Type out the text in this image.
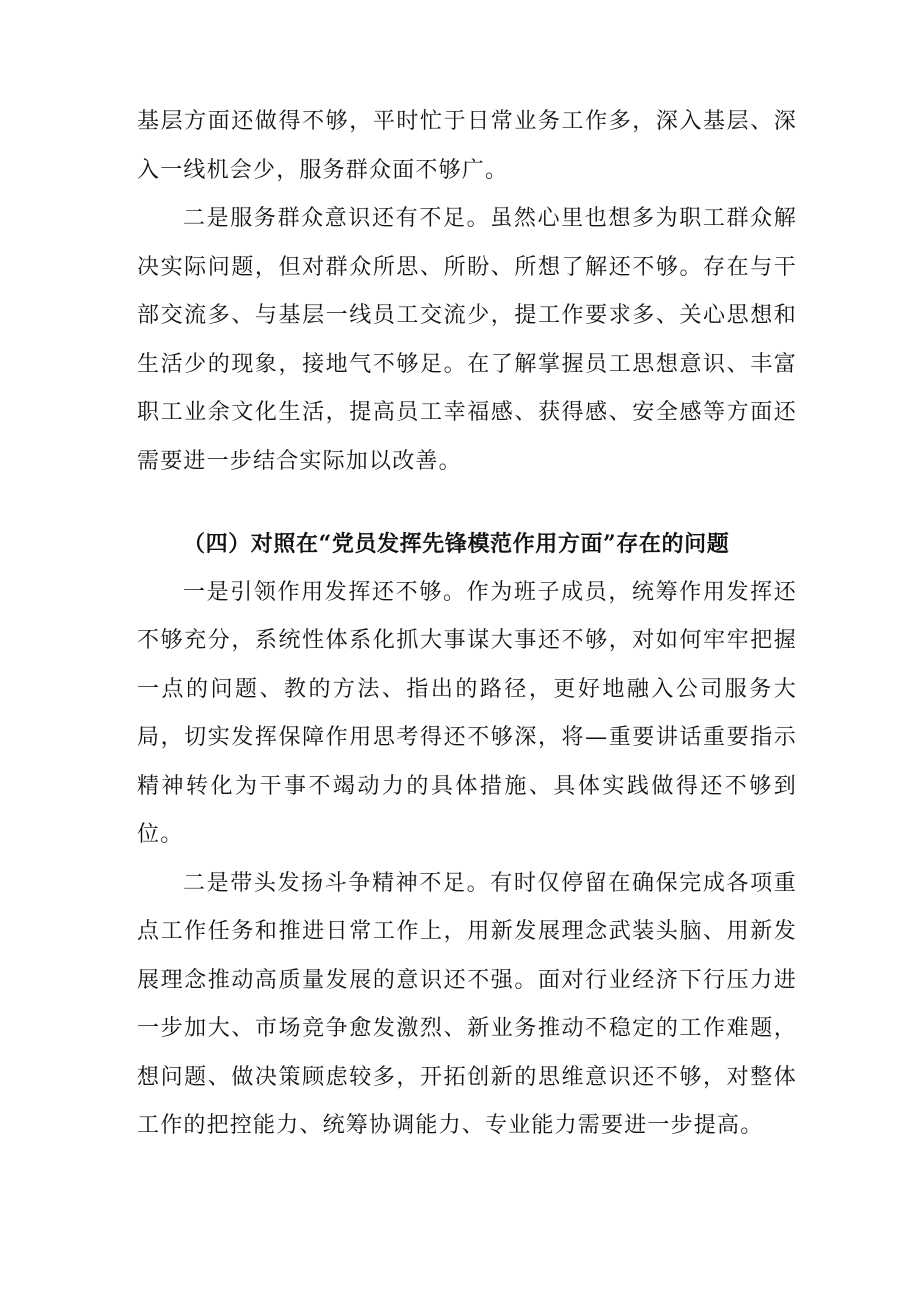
基层方面还做得不够，平时忙于日常业务工作多，深入基层、深入一线机会少，服务群众面不够广。

二是服务群众意识还有不足。虽然心里也想多为职工群众解决实际问题，但对群众所思、所盼、所想了解还不够。存在与干部交流多、与基层一线员工交流少，提工作要求多、关心思想和生活少的现象，接地气不够足。在了解掌握员工思想意识、丰富职工业余文化生活，提高员工幸福感、获得感、安全感等方面还需要进一步结合实际加以改善。

（四）对照在“党员发挥先锋模范作用方面”存在的问题

一是引领作用发挥还不够。作为班子成员，统筹作用发挥还不够充分，系统性体系化抓大事谋大事还不够，对如何牢牢把握一点的问题、教的方法、指出的路径，更好地融入公司服务大局，切实发挥保障作用思考得还不够深，将—重要讲话重要指示精神转化为干事不竭动力的具体措施、具体实践做得还不够到位。

二是带头发扬斗争精神不足。有时仅停留在确保完成各项重点工作任务和推进日常工作上，用新发展理念武装头脑、用新发展理念推动高质量发展的意识还不强。面对行业经济下行压力进一步加大、市场竞争愈发激烈、新业务推动不稳定的工作难题，想问题、做决策顾虑较多，开拓创新的思维意识还不够，对整体工作的把控能力、统筹协调能力、专业能力需要进一步提高。
